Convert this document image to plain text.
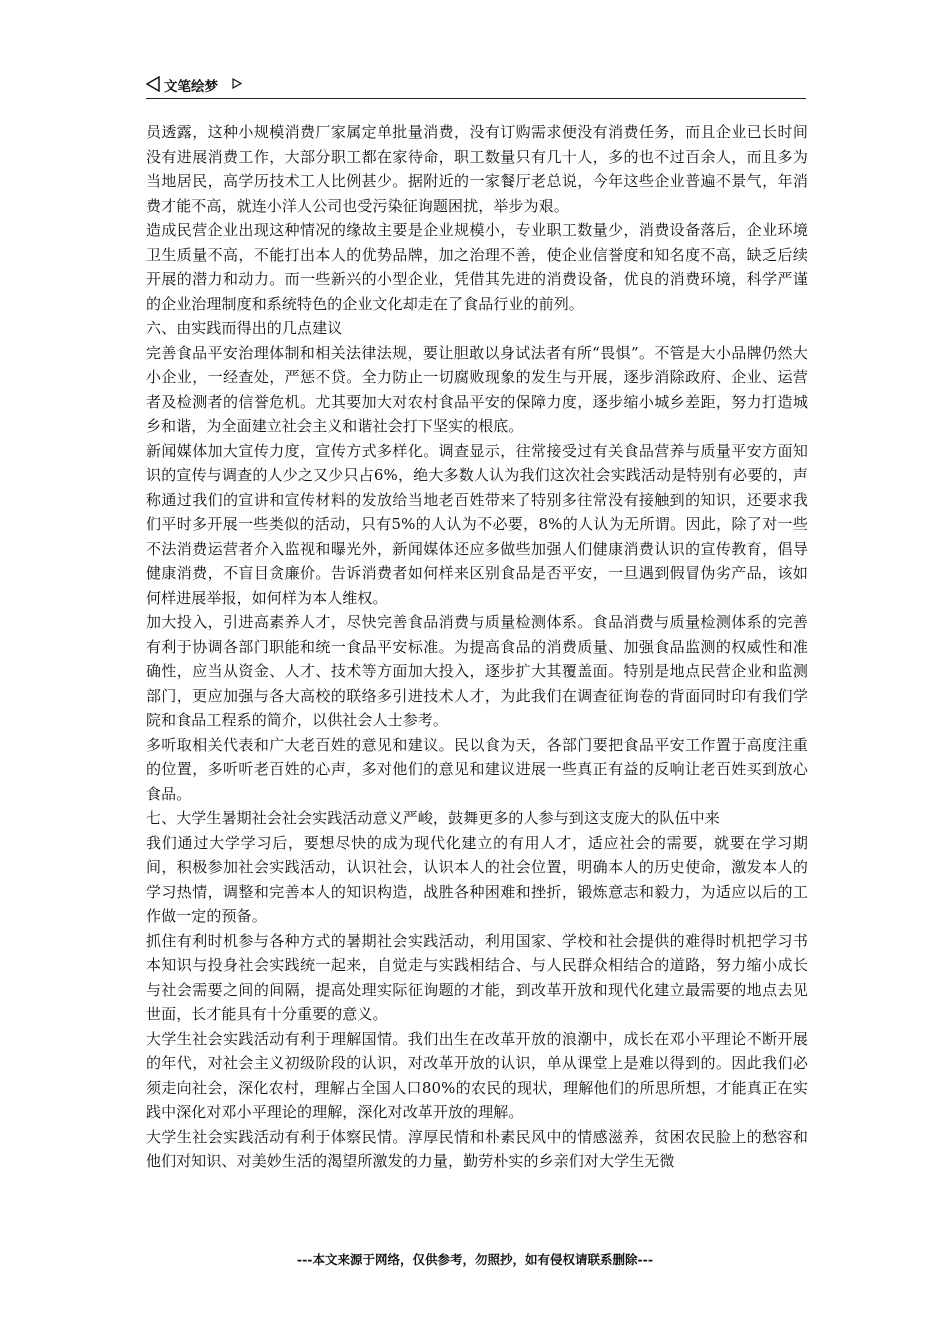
文笔绘梦

员透露，这种小规模消费厂家属定单批量消费，没有订购需求便没有消费任务，而且企业已长时间没有进展消费工作，大部分职工都在家待命，职工数量只有几十人，多的也不过百余人，而且多为当地居民，高学历技术工人比例甚少。据附近的一家餐厅老总说，今年这些企业普遍不景气，年消费才能不高，就连小洋人公司也受污染征询题困扰，举步为艰。

造成民营企业出现这种情况的缘故主要是企业规模小，专业职工数量少，消费设备落后，企业环境卫生质量不高，不能打出本人的优势品牌，加之治理不善，使企业信誉度和知名度不高，缺乏后续开展的潜力和动力。而一些新兴的小型企业，凭借其先进的消费设备，优良的消费环境，科学严谨的企业治理制度和系统特色的企业文化却走在了食品行业的前列。

六、由实践而得出的几点建议

完善食品平安治理体制和相关法律法规，要让胆敢以身试法者有所“畏惧”。不管是大小品牌仍然大小企业，一经查处，严惩不贷。全力防止一切腐败现象的发生与开展，逐步消除政府、企业、运营者及检测者的信誉危机。尤其要加大对农村食品平安的保障力度，逐步缩小城乡差距，努力打造城乡和谐，为全面建立社会主义和谐社会打下坚实的根底。

新闻媒体加大宣传力度，宣传方式多样化。调查显示，往常接受过有关食品营养与质量平安方面知识的宣传与调查的人少之又少只占6%，绝大多数人认为我们这次社会实践活动是特别有必要的，声称通过我们的宣讲和宣传材料的发放给当地老百姓带来了特别多往常没有接触到的知识，还要求我们平时多开展一些类似的活动，只有5%的人认为不必要，8%的人认为无所谓。因此，除了对一些不法消费运营者介入监视和曝光外，新闻媒体还应多做些加强人们健康消费认识的宣传教育，倡导健康消费，不盲目贪廉价。告诉消费者如何样来区别食品是否平安，一旦遇到假冒伪劣产品，该如何样进展举报，如何样为本人维权。

加大投入，引进高素养人才，尽快完善食品消费与质量检测体系。食品消费与质量检测体系的完善有利于协调各部门职能和统一食品平安标准。为提高食品的消费质量、加强食品监测的权威性和准确性，应当从资金、人才、技术等方面加大投入，逐步扩大其覆盖面。特别是地点民营企业和监测部门，更应加强与各大高校的联络多引进技术人才，为此我们在调查征询卷的背面同时印有我们学院和食品工程系的简介，以供社会人士参考。

多听取相关代表和广大老百姓的意见和建议。民以食为天，各部门要把食品平安工作置于高度注重的位置，多听听老百姓的心声，多对他们的意见和建议进展一些真正有益的反响让老百姓买到放心食品。

七、大学生暑期社会社会实践活动意义严峻，鼓舞更多的人参与到这支庞大的队伍中来

我们通过大学学习后，要想尽快的成为现代化建立的有用人才，适应社会的需要，就要在学习期间，积极参加社会实践活动，认识社会，认识本人的社会位置，明确本人的历史使命，激发本人的学习热情，调整和完善本人的知识构造，战胜各种困难和挫折，锻炼意志和毅力，为适应以后的工作做一定的预备。

抓住有利时机参与各种方式的暑期社会实践活动，利用国家、学校和社会提供的难得时机把学习书本知识与投身社会实践统一起来，自觉走与实践相结合、与人民群众相结合的道路，努力缩小成长与社会需要之间的间隔，提高处理实际征询题的才能，到改革开放和现代化建立最需要的地点去见世面，长才能具有十分重要的意义。

大学生社会实践活动有利于理解国情。我们出生在改革开放的浪潮中，成长在邓小平理论不断开展的年代，对社会主义初级阶段的认识，对改革开放的认识，单从课堂上是难以得到的。因此我们必须走向社会，深化农村，理解占全国人口80%的农民的现状，理解他们的所思所想，才能真正在实践中深化对邓小平理论的理解，深化对改革开放的理解。

大学生社会实践活动有利于体察民情。淳厚民情和朴素民风中的情感滋养，贫困农民脸上的愁容和他们对知识、对美妙生活的渴望所激发的力量，勤劳朴实的乡亲们对大学生无微

---本文来源于网络，仅供参考，勿照抄，如有侵权请联系删除---
